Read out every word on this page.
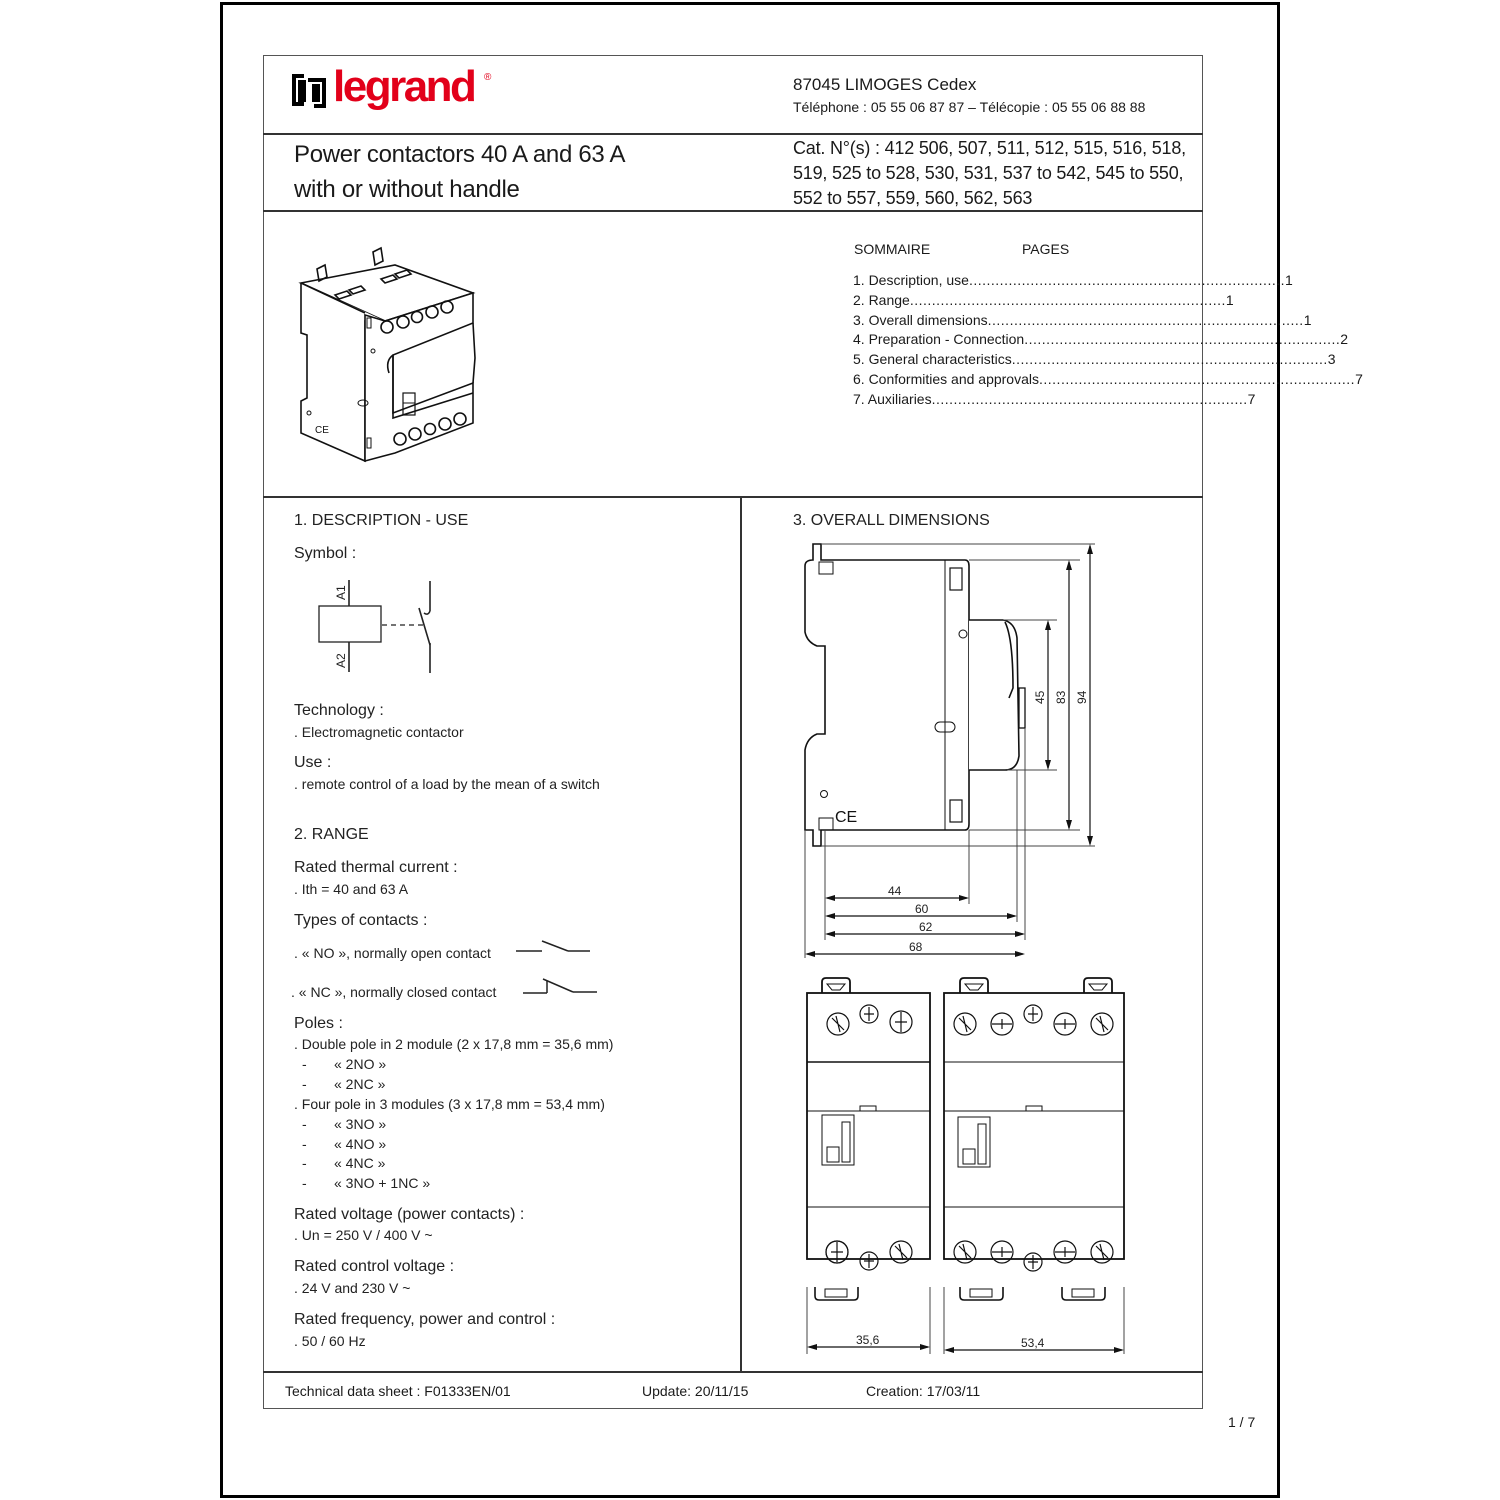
legrand ®	87045 LIMOGES Cedex
Téléphone : 05 55 06 87 87 – Télécopie : 05 55 06 88 88
Power contactors 40 A and 63 A
with or without handle
Cat. N°(s) : 412 506, 507, 511, 512, 515, 516, 518,
519, 525 to 528, 530, 531, 537 to 542, 545 to 550,
552 to 557, 559, 560, 562, 563
CE
SOMMAIRE	PAGES
1. Description, use ........................................................................ 1
2. Range ........................................................................ 1
3. Overall dimensions ........................................................................ 1
4. Preparation - Connection ........................................................................ 2
5. General characteristics ........................................................................ 3
6. Conformities and approvals ........................................................................ 7
7. Auxiliaries ........................................................................ 7
1. DESCRIPTION - USE
Symbol :
A1
A2
Technology :
. Electromagnetic contactor
Use :
. remote control of a load by the mean of a switch
2. RANGE
Rated thermal current :
. Ith = 40 and 63 A
Types of contacts :
. « NO », normally open contact
. « NC », normally closed contact
Poles :
. Double pole in 2 module (2 x 17,8 mm = 35,6 mm)
- « 2NO »
- « 2NC »
. Four pole in 3 modules (3 x 17,8 mm = 53,4 mm)
- « 3NO »
- « 4NO »
- « 4NC »
- « 3NO + 1NC »
Rated voltage (power contacts) :
. Un = 250 V / 400 V ~
Rated control voltage :
. 24 V and 230 V ~
Rated frequency, power and control :
. 50 / 60 Hz
3. OVERALL DIMENSIONS
CE
45 83 94
44
60
62
68
35,6	53,4
Technical data sheet : F01333EN/01	Update: 20/11/15	Creation: 17/03/11
1 / 7
